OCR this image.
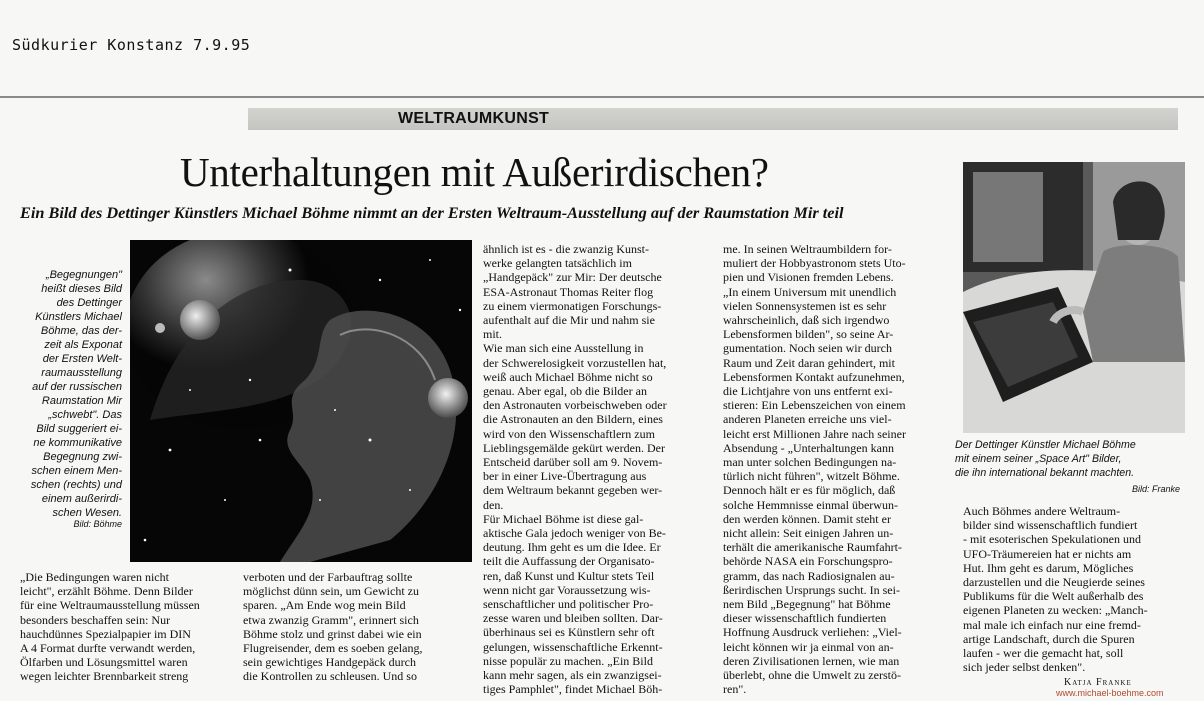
Südkurier Konstanz 7.9.95
WELTRAUMKUNST
Unterhaltungen mit Außerirdischen?
Ein Bild des Dettinger Künstlers Michael Böhme nimmt an der Ersten Weltraum-Ausstellung auf der Raumstation Mir teil
„Begegnungen"
heißt dieses Bild
des Dettinger
Künstlers Michael
Böhme, das der-
zeit als Exponat
der Ersten Welt-
raumausstellung
auf der russischen
Raumstation Mir
„schwebt". Das
Bild suggeriert ei-
ne kommunikative
Begegnung zwi-
schen einem Men-
schen (rechts) und
einem außerirdi-
schen Wesen.
Bild: Böhme
„Die Bedingungen waren nicht
leicht", erzählt Böhme. Denn Bilder
für eine Weltraumausstellung müssen
besonders beschaffen sein: Nur
hauchdünnes Spezialpapier im DIN
A 4 Format durfte verwandt werden,
Ölfarben und Lösungsmittel waren
wegen leichter Brennbarkeit streng
verboten und der Farbauftrag sollte
möglichst dünn sein, um Gewicht zu
sparen. „Am Ende wog mein Bild
etwa zwanzig Gramm", erinnert sich
Böhme stolz und grinst dabei wie ein
Flugreisender, dem es soeben gelang,
sein gewichtiges Handgepäck durch
die Kontrollen zu schleusen. Und so
ähnlich ist es - die zwanzig Kunst-
werke gelangten tatsächlich im
„Handgepäck" zur Mir: Der deutsche
ESA-Astronaut Thomas Reiter flog
zu einem viermonatigen Forschungs-
aufenthalt auf die Mir und nahm sie
mit.
Wie man sich eine Ausstellung in
der Schwerelosigkeit vorzustellen hat,
weiß auch Michael Böhme nicht so
genau. Aber egal, ob die Bilder an
den Astronauten vorbeischweben oder
die Astronauten an den Bildern, eines
wird von den Wissenschaftlern zum
Lieblingsgemälde gekürt werden. Der
Entscheid darüber soll am 9. Novem-
ber in einer Live-Übertragung aus
dem Weltraum bekannt gegeben wer-
den.
Für Michael Böhme ist diese gal-
aktische Gala jedoch weniger von Be-
deutung. Ihm geht es um die Idee. Er
teilt die Auffassung der Organisato-
ren, daß Kunst und Kultur stets Teil
wenn nicht gar Voraussetzung wis-
senschaftlicher und politischer Pro-
zesse waren und bleiben sollten. Dar-
überhinaus sei es Künstlern sehr oft
gelungen, wissenschaftliche Erkennt-
nisse populär zu machen. „Ein Bild
kann mehr sagen, als ein zwanzigsei-
tiges Pamphlet", findet Michael Böh-
me. In seinen Weltraumbildern for-
muliert der Hobbyastronom stets Uto-
pien und Visionen fremden Lebens.
„In einem Universum mit unendlich
vielen Sonnensystemen ist es sehr
wahrscheinlich, daß sich irgendwo
Lebensformen bilden", so seine Ar-
gumentation. Noch seien wir durch
Raum und Zeit daran gehindert, mit
Lebensformen Kontakt aufzunehmen,
die Lichtjahre von uns entfernt exi-
stieren: Ein Lebenszeichen von einem
anderen Planeten erreiche uns viel-
leicht erst Millionen Jahre nach seiner
Absendung - „Unterhaltungen kann
man unter solchen Bedingungen na-
türlich nicht führen", witzelt Böhme.
Dennoch hält er es für möglich, daß
solche Hemmnisse einmal überwun-
den werden können. Damit steht er
nicht allein: Seit einigen Jahren un-
terhält die amerikanische Raumfahrt-
behörde NASA ein Forschungspro-
gramm, das nach Radiosignalen au-
ßerirdischen Ursprungs sucht. In sei-
nem Bild „Begegnung" hat Böhme
dieser wissenschaftlich fundierten
Hoffnung Ausdruck verliehen: „Viel-
leicht können wir ja einmal von an-
deren Zivilisationen lernen, wie man
überlebt, ohne die Umwelt zu zerstö-
ren".
Der Dettinger Künstler Michael Böhme
mit einem seiner „Space Art" Bilder,
die ihn international bekannt machten.
Bild: Franke
Auch Böhmes andere Weltraum-
bilder sind wissenschaftlich fundiert
- mit esoterischen Spekulationen und
UFO-Träumereien hat er nichts am
Hut. Ihm geht es darum, Mögliches
darzustellen und die Neugierde seines
Publikums für die Welt außerhalb des
eigenen Planeten zu wecken: „Manch-
mal male ich einfach nur eine fremd-
artige Landschaft, durch die Spuren
laufen - wer die gemacht hat, soll
sich jeder selbst denken".
Katja Franke
www.michael-boehme.com
